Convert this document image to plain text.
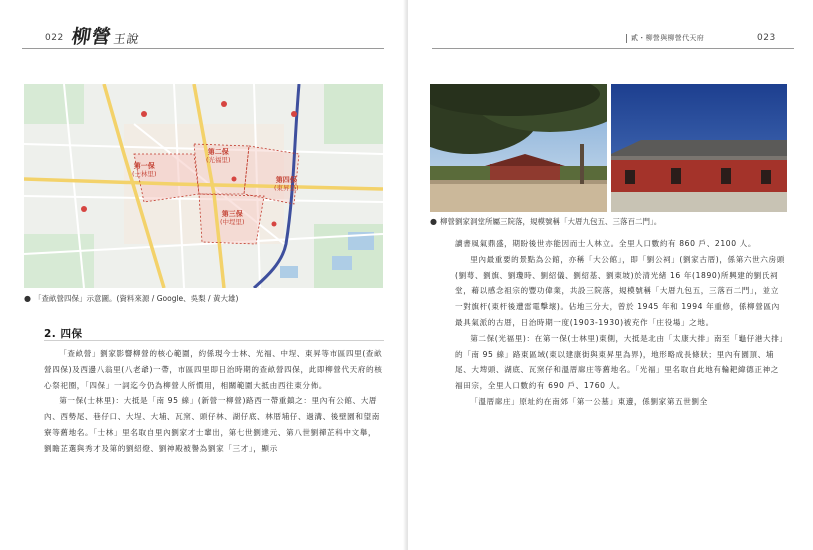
022 柳營王說
第一保
(士林里)
第二保
(光福里)
第四保
(東昇里)
第三保
(中埕里)
● 「查畝營四保」示意圖。(資料來源 / Google、吳梨 / 黃大雄)
2. 四保

「查畝營」劉家影響柳營的核心範圍，約係現今士林、光福、中埕、東昇等市區四里(查畝營四保)及西邊八翁里(八老爺)一帶，市區四里即日治時期的查畝營四保，此即柳營代天府的核心祭祀圈，「四保」一詞迄今仍為柳營人所慣用，相關範圍大抵由西往東分佈。

第一保(士林里)：大抵是「南 95 線」(新營一柳營)路西一帶重鎮之：里內有公館、大厝內、西勢尾、巷仔口、大埕、大埔、瓦窯、頭仔林、湖仔底、林厝埔仔、過溝、後壁園和望南寮等舊地名。「士林」里名取自里內劉家才士輩出，第七世劉達元、第八世劉禪芷科中文舉，劉瞻芷選與秀才及第的劉紹燈、劉神殿被譽為劉家「三才」，顯示

貳・柳營與柳營代天府	023
● 柳營劉家洞堂所屬三院落，規模號稱「大厝九包五、三落百二門」。

讀書風氣鼎盛，期盼後世亦能因而士人林立。全里人口數約有 860 戶、2100 人。

里內最重要的景點為公館，亦稱「大公館」，即「劉公祠」(劉家古厝)，係第六世六房頭(劉萼、劉旗、劉瓊時、劉紹儀、劉紹基、劉東坡)於清光緒 16 年(1890)所興建的劉氏祠堂，藉以感念祖宗的豐功偉業，共設三院落，規模號稱「大厝九包五，三落百二門」，並立一對旗杆(東杆後遭雷電擊壞)。佔地三分大，曾於 1945 年和 1994 年重修，係柳營區內最具氣派的古厝，日治時期一度(1903-1930)被充作「庄役場」之地。

第二保(光福里)：在第一保(士林里)東側，大抵是北由「太康大排」南至「龜仔港大排」的「南 95 線」路東區域(東以建康街與東昇里為界)，地形略成長條狀；里內有園頂、埔尾、大埤頭、湖底、瓦窯仔和溫厝廍庄等舊地名。「光福」里名取自此地有輪耙緯德正神之福田宗，全里人口數約有 690 戶、1760 人。

「溫厝廍庄」原址約在南郊「第一公墓」東邊，係劉家第五世劉全
